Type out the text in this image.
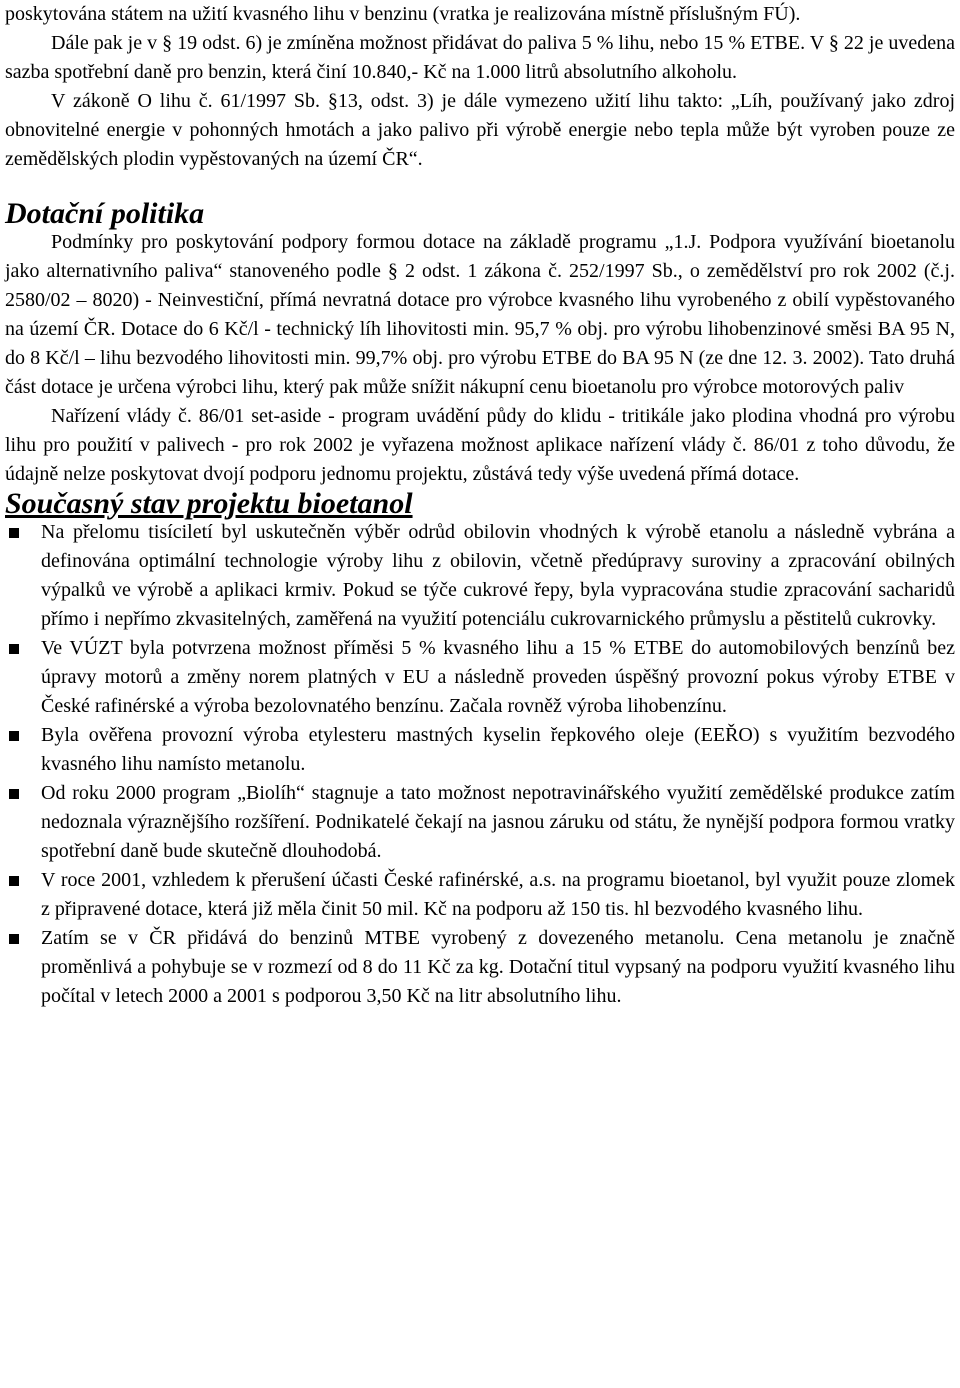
poskytována státem na užití kvasného lihu v benzinu (vratka je realizována místně příslušným FÚ).

Dále pak je v § 19 odst. 6) je zmíněna možnost přidávat do paliva 5 % lihu, nebo 15 % ETBE. V § 22 je uvedena sazba spotřební daně pro benzin, která činí 10.840,- Kč na 1.000 litrů absolutního alkoholu.

V zákoně O lihu č. 61/1997 Sb. §13, odst. 3) je dále vymezeno užití lihu takto: „Líh, používaný jako zdroj obnovitelné energie v pohonných hmotách a jako palivo při výrobě energie nebo tepla může být vyroben pouze ze zemědělských plodin vypěstovaných na území ČR“.

Dotační politika

Podmínky pro poskytování podpory formou dotace na základě programu „1.J. Podpora využívání bioetanolu jako alternativního paliva“ stanoveného podle § 2 odst. 1 zákona č. 252/1997 Sb., o zemědělství pro rok 2002 (č.j. 2580/02 – 8020) - Neinvestiční, přímá nevratná dotace pro výrobce kvasného lihu vyrobeného z obilí vypěstovaného na území ČR. Dotace do 6 Kč/l - technický líh lihovitosti min. 95,7 % obj. pro výrobu lihobenzinové směsi BA 95 N, do 8 Kč/l – lihu bezvodého lihovitosti min. 99,7% obj. pro výrobu ETBE do BA 95 N (ze dne 12. 3. 2002). Tato druhá část dotace je určena výrobci lihu, který pak může snížit nákupní cenu bioetanolu pro výrobce motorových paliv

Nařízení vlády č. 86/01 set-aside - program uvádění půdy do klidu - tritikále jako plodina vhodná pro výrobu lihu pro použití v palivech - pro rok 2002 je vyřazena možnost aplikace nařízení vlády č. 86/01 z toho důvodu, že údajně nelze poskytovat dvojí podporu jednomu projektu, zůstává tedy výše uvedená přímá dotace.

Současný stav projektu bioetanol
Na přelomu tisíciletí byl uskutečněn výběr odrůd obilovin vhodných k výrobě etanolu a následně vybrána a definována optimální technologie výroby lihu z obilovin, včetně předúpravy suroviny a zpracování obilných výpalků ve výrobě a aplikaci krmiv. Pokud se týče cukrové řepy, byla vypracována studie zpracování sacharidů přímo i nepřímo zkvasitelných, zaměřená na využití potenciálu cukrovarnického průmyslu a pěstitelů cukrovky.
Ve VÚZT byla potvrzena možnost příměsi 5 % kvasného lihu a 15 % ETBE do automobilových benzínů bez úpravy motorů a změny norem platných v EU a následně proveden úspěšný provozní pokus výroby ETBE v České rafinérské a výroba bezolovnatého benzínu. Začala rovněž výroba lihobenzínu.
Byla ověřena provozní výroba etylesteru mastných kyselin řepkového oleje (EEŘO) s využitím bezvodého kvasného lihu namísto metanolu.
Od roku 2000 program „Biolíh“ stagnuje a tato možnost nepotravinářského využití zemědělské produkce zatím nedoznala výraznějšího rozšíření. Podnikatelé čekají na jasnou záruku od státu, že nynější podpora formou vratky spotřební daně bude skutečně dlouhodobá.
V roce 2001, vzhledem k přerušení účasti České rafinérské, a.s. na programu bioetanol, byl využit pouze zlomek z připravené dotace, která již měla činit 50 mil. Kč na podporu až 150 tis. hl bezvodého kvasného lihu.
Zatím se v ČR přidává do benzinů MTBE vyrobený z dovezeného metanolu. Cena metanolu je značně proměnlivá a pohybuje se v rozmezí od 8 do 11 Kč za kg. Dotační titul vypsaný na podporu využití kvasného lihu počítal v letech 2000 a 2001 s podporou 3,50 Kč na litr absolutního lihu.
